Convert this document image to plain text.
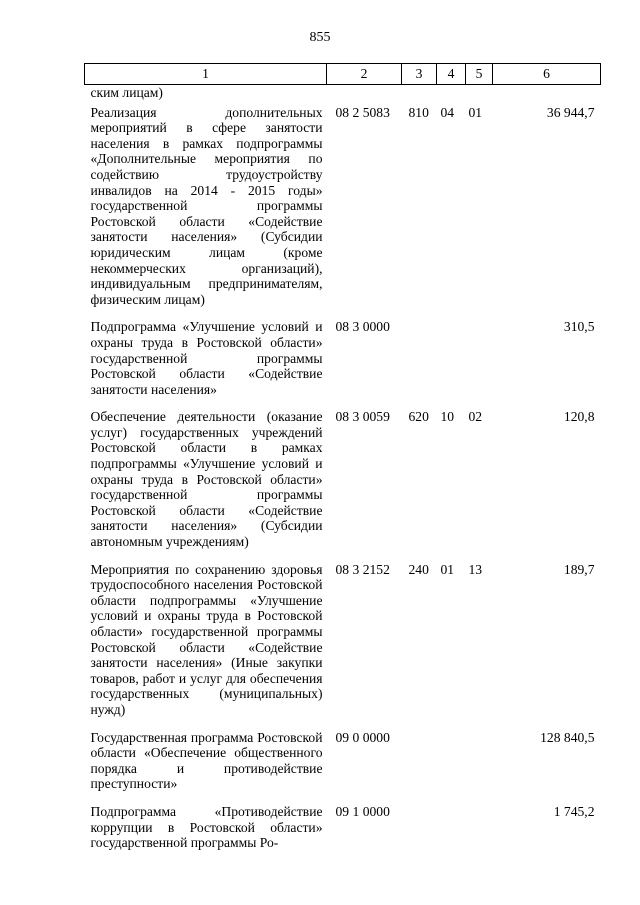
855
1	2	3	4	5	6
ским лицам)					
Реализация дополнительных мероприятий в сфере занятости населения в рамках подпрограммы «Дополнительные мероприятия по содействию трудоустройству инвалидов на 2014 - 2015 годы» государственной программы Ростовской области «Содействие занятости населения» (Субсидии юридическим лицам (кроме некоммерческих организаций), индивидуальным предпринимателям, физическим лицам)	08 2 5083	810	04	01	36 944,7
Подпрограмма «Улучшение условий и охраны труда в Ростовской области» государственной программы Ростовской области «Содействие занятости населения»	08 3 0000				310,5
Обеспечение деятельности (оказание услуг) государственных учреждений Ростовской области в рамках подпрограммы «Улучшение условий и охраны труда в Ростовской области» государственной программы Ростовской области «Содействие занятости населения» (Субсидии автономным учреждениям)	08 3 0059	620	10	02	120,8
Мероприятия по сохранению здоровья трудоспособного населения Ростовской области подпрограммы «Улучшение условий и охраны труда в Ростовской области» государственной программы Ростовской области «Содействие занятости населения» (Иные закупки товаров, работ и услуг для обеспечения государственных (муниципальных) нужд)	08 3 2152	240	01	13	189,7
Государственная программа Ростовской области «Обеспечение общественного порядка и противодействие преступности»	09 0 0000				128 840,5
Подпрограмма «Противодействие коррупции в Ростовской области» государственной программы Ро-	09 1 0000				1 745,2
